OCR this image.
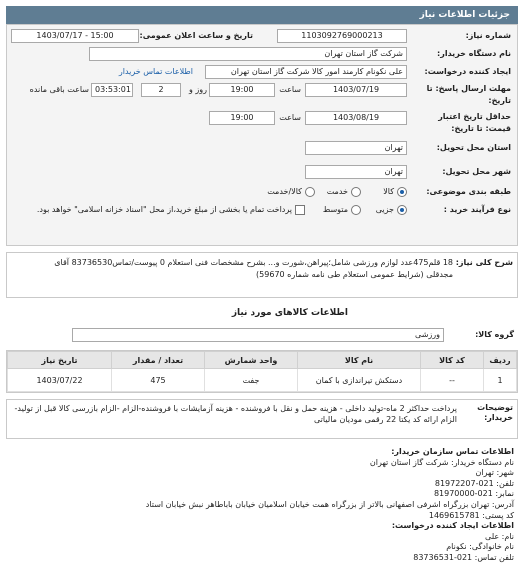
جزئیات اطلاعات نیاز
شماره نیاز:
1103092769000213
تاریخ و ساعت اعلان عمومی:
1403/07/17 - 15:00
نام دستگاه خریدار:
شرکت گاز استان تهران
ایجاد کننده درخواست:
علی نکونام کارمند امور کالا شرکت گاز استان تهران
اطلاعات تماس خریدار
مهلت ارسال پاسخ: تا تاریخ:
1403/07/19
ساعت
19:00
روز و
2
03:53:01
ساعت باقی مانده
حداقل تاریخ اعتبار قیمت: تا تاریخ:
1403/08/19
ساعت
19:00
استان محل تحویل:
تهران
شهر محل تحویل:
تهران
طبقه بندی موضوعی:
کالا
خدمت
کالا/خدمت
نوع فرآیند خرید :
جزیی
متوسط
پرداخت تمام یا بخشی از مبلغ خرید،از محل "اسناد خزانه اسلامی" خواهد بود.
شرح کلی نیاز:
18 قلم475عدد لوازم ورزشی شامل؛پیراهن،شورت و... بشرح مشخصات فنی استعلام 0 پیوست/تماس83736530 آقای
مجدقلی (شرایط عمومی استعلام طی نامه شماره 59670)
اطلاعات کالاهای مورد نیاز
گروه کالا:
ورزشی
ردیف	کد کالا	نام کالا	واحد شمارش	تعداد / مقدار	تاریخ نیاز
1	--	دستکش تیراندازی با کمان	جفت	475	1403/07/22
توضیحات خریدار:
پرداخت حداکثر 2 ماه-تولید داخلی - هزینه حمل و نقل با فروشنده - هزینه آزمایشات با فروشنده-الزام -الزام بازرسی کالا قبل از تولید- الزام ارائه کد یکتا 22 رقمی مودیان مالیاتی
اطلاعات تماس سازمان خریدار:
نام دستگاه خریدار: شرکت گاز استان تهران
شهر: تهران
تلفن: 021-81972207
نمابر: 021-81970000
آدرس: تهران بزرگراه اشرفی اصفهانی بالاتر از بزرگراه همت خیابان اسلامیان خیابان باباطاهر نبش خیابان استاد
کد پستی: 1469615781
اطلاعات ایجاد کننده درخواست:
نام: علی
نام خانوادگی: نکونام
تلفن تماس: 021-83736531
